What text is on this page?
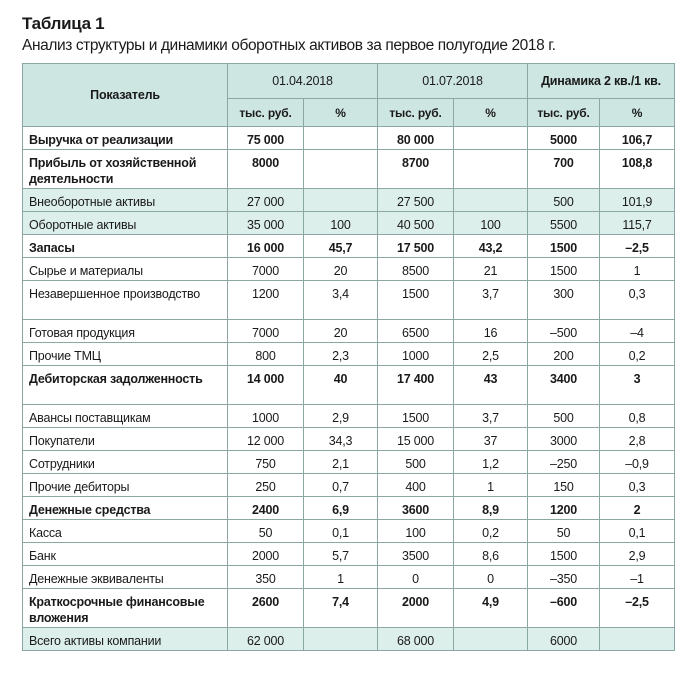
Таблица 1
Анализ структуры и динамики оборотных активов за первое полугодие 2018 г.
Показатель	01.04.2018		01.07.2018		Динамика 2 кв./1 кв.	
	тыс. руб.	%	тыс. руб.	%	тыс. руб.	%
Выручка от реализации	75 000		80 000		5000	106,7
Прибыль от хозяйственной деятельности	8000		8700		700	108,8
Внеоборотные активы	27 000		27 500		500	101,9
Оборотные активы	35 000	100	40 500	100	5500	115,7
Запасы	16 000	45,7	17 500	43,2	1500	–2,5
Сырье и материалы	7000	20	8500	21	1500	1
Незавершенное производство	1200	3,4	1500	3,7	300	0,3
Готовая продукция	7000	20	6500	16	–500	–4
Прочие ТМЦ	800	2,3	1000	2,5	200	0,2
Дебиторская задолженность	14 000	40	17 400	43	3400	3
Авансы поставщикам	1000	2,9	1500	3,7	500	0,8
Покупатели	12 000	34,3	15 000	37	3000	2,8
Сотрудники	750	2,1	500	1,2	–250	–0,9
Прочие дебиторы	250	0,7	400	1	150	0,3
Денежные средства	2400	6,9	3600	8,9	1200	2
Касса	50	0,1	100	0,2	50	0,1
Банк	2000	5,7	3500	8,6	1500	2,9
Денежные эквиваленты	350	1	0	0	–350	–1
Краткосрочные финансовые вложения	2600	7,4	2000	4,9	–600	–2,5
Всего активы компании	62 000		68 000		6000	
